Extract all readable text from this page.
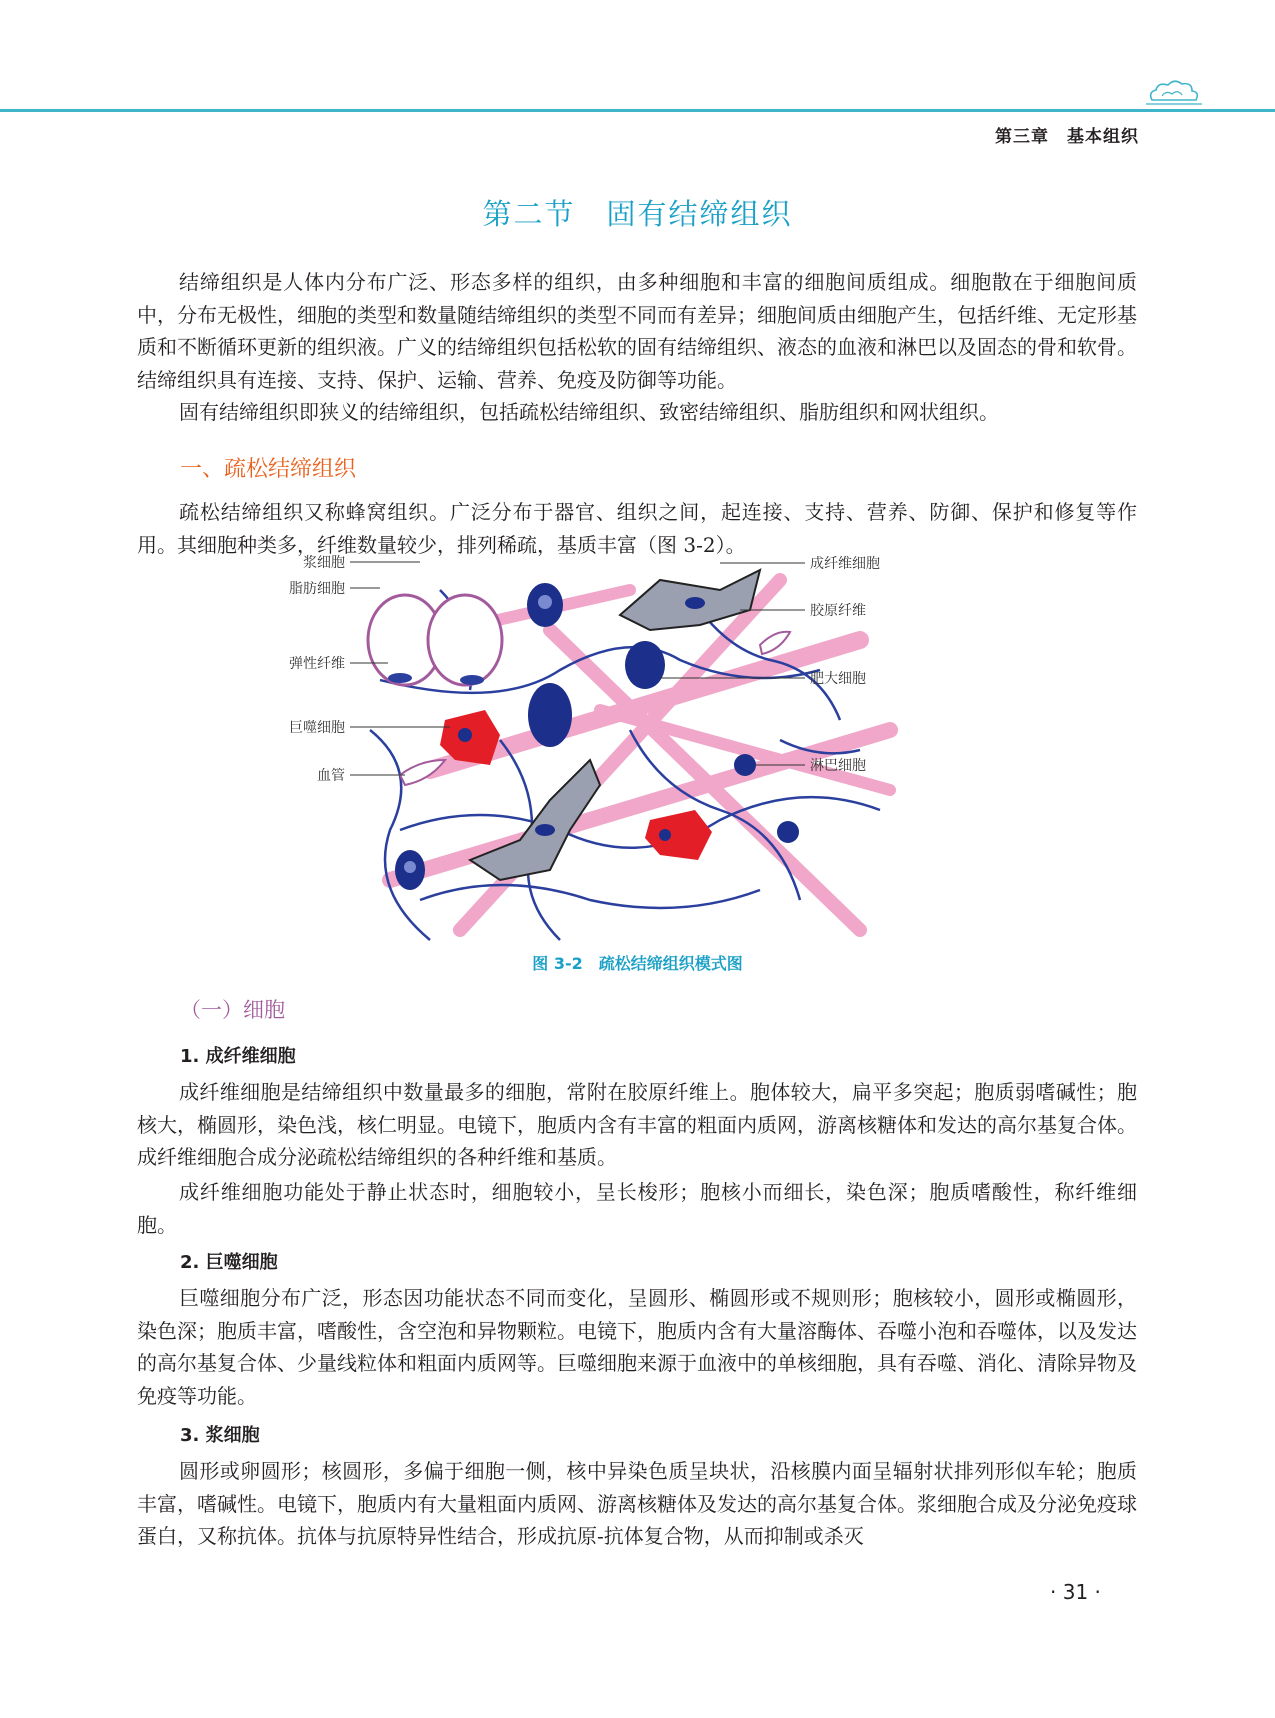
第三章　基本组织
第二节　固有结缔组织

结缔组织是人体内分布广泛、形态多样的组织，由多种细胞和丰富的细胞间质组成。细胞散在于细胞间质中，分布无极性，细胞的类型和数量随结缔组织的类型不同而有差异；细胞间质由细胞产生，包括纤维、无定形基质和不断循环更新的组织液。广义的结缔组织包括松软的固有结缔组织、液态的血液和淋巴以及固态的骨和软骨。结缔组织具有连接、支持、保护、运输、营养、免疫及防御等功能。

固有结缔组织即狭义的结缔组织，包括疏松结缔组织、致密结缔组织、脂肪组织和网状组织。

一、疏松结缔组织

疏松结缔组织又称蜂窝组织。广泛分布于器官、组织之间，起连接、支持、营养、防御、保护和修复等作用。其细胞种类多，纤维数量较少，排列稀疏，基质丰富（图 3-2）。

浆细胞
脂肪细胞
弹性纤维
巨噬细胞
血管
成纤维细胞
胶原纤维
肥大细胞
淋巴细胞
图 3-2　疏松结缔组织模式图
（一）细胞
1. 成纤维细胞

成纤维细胞是结缔组织中数量最多的细胞，常附在胶原纤维上。胞体较大，扁平多突起；胞质弱嗜碱性；胞核大，椭圆形，染色浅，核仁明显。电镜下，胞质内含有丰富的粗面内质网，游离核糖体和发达的高尔基复合体。成纤维细胞合成分泌疏松结缔组织的各种纤维和基质。

成纤维细胞功能处于静止状态时，细胞较小，呈长梭形；胞核小而细长，染色深；胞质嗜酸性，称纤维细胞。

2. 巨噬细胞

巨噬细胞分布广泛，形态因功能状态不同而变化，呈圆形、椭圆形或不规则形；胞核较小，圆形或椭圆形，染色深；胞质丰富，嗜酸性，含空泡和异物颗粒。电镜下，胞质内含有大量溶酶体、吞噬小泡和吞噬体，以及发达的高尔基复合体、少量线粒体和粗面内质网等。巨噬细胞来源于血液中的单核细胞，具有吞噬、消化、清除异物及免疫等功能。

3. 浆细胞

圆形或卵圆形；核圆形，多偏于细胞一侧，核中异染色质呈块状，沿核膜内面呈辐射状排列形似车轮；胞质丰富，嗜碱性。电镜下，胞质内有大量粗面内质网、游离核糖体及发达的高尔基复合体。浆细胞合成及分泌免疫球蛋白，又称抗体。抗体与抗原特异性结合，形成抗原-抗体复合物，从而抑制或杀灭

· 31 ·
